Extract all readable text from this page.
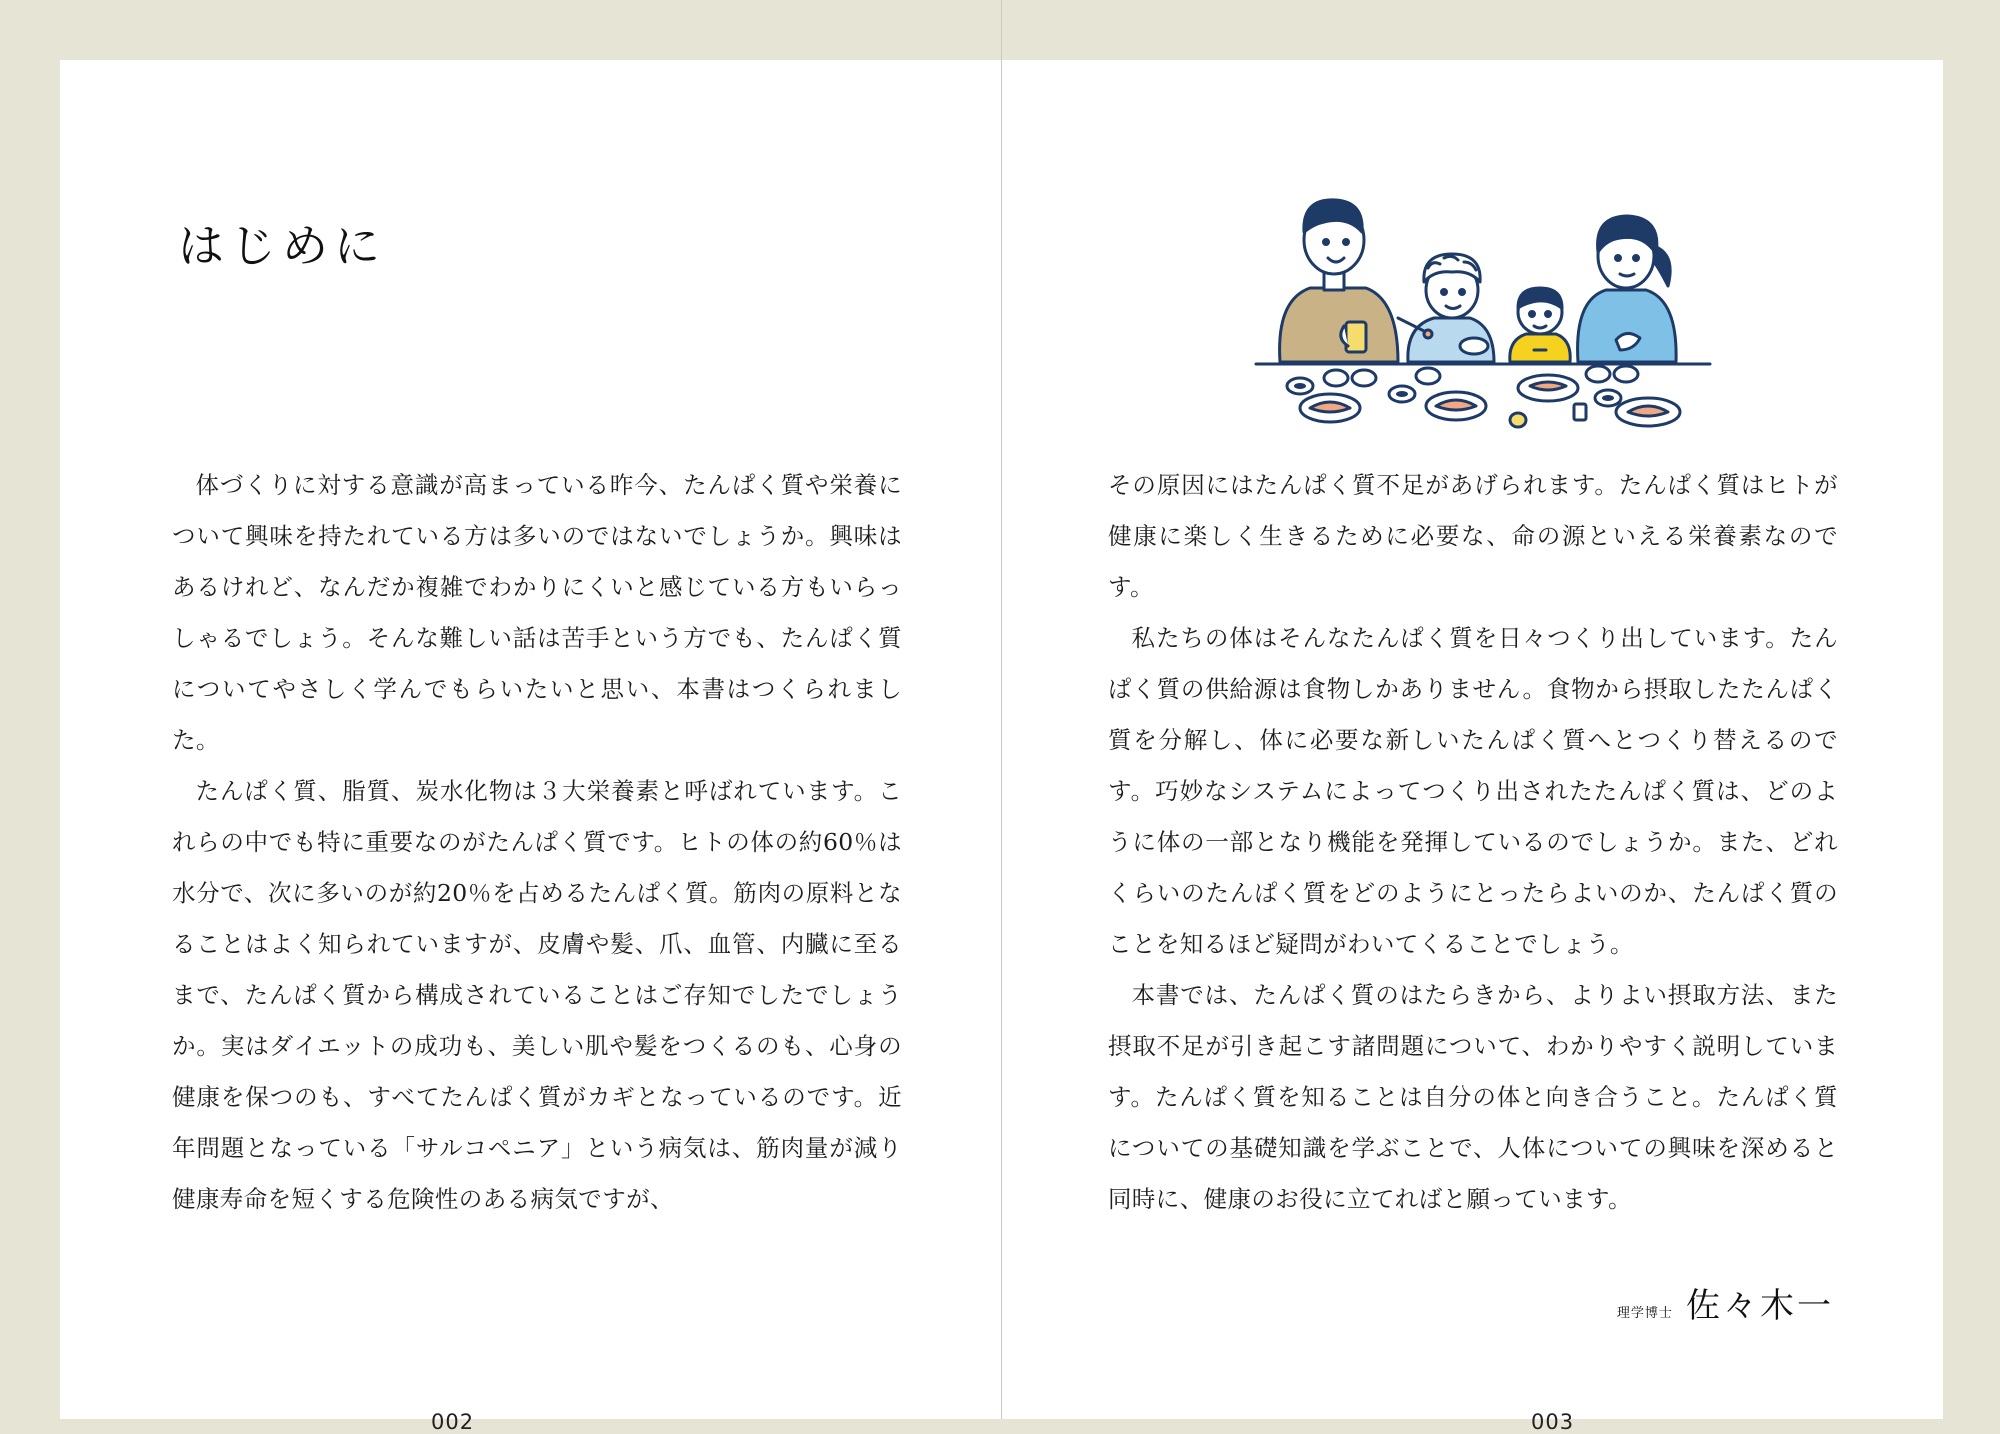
はじめに

体づくりに対する意識が高まっている昨今、たんぱく質や栄養について興味を持たれている方は多いのではないでしょうか。興味はあるけれど、なんだか複雑でわかりにくいと感じている方もいらっしゃるでしょう。そんな難しい話は苦手という方でも、たんぱく質についてやさしく学んでもらいたいと思い、本書はつくられました。

たんぱく質、脂質、炭水化物は３大栄養素と呼ばれています。これらの中でも特に重要なのがたんぱく質です。ヒトの体の約60％は水分で、次に多いのが約20％を占めるたんぱく質。筋肉の原料となることはよく知られていますが、皮膚や髪、爪、血管、内臓に至るまで、たんぱく質から構成されていることはご存知でしたでしょうか。実はダイエットの成功も、美しい肌や髪をつくるのも、心身の健康を保つのも、すべてたんぱく質がカギとなっているのです。近年問題となっている「サルコペニア」という病気は、筋肉量が減り健康寿命を短くする危険性のある病気ですが、

002

その原因にはたんぱく質不足があげられます。たんぱく質はヒトが健康に楽しく生きるために必要な、命の源といえる栄養素なのです。

私たちの体はそんなたんぱく質を日々つくり出しています。たんぱく質の供給源は食物しかありません。食物から摂取したたんぱく質を分解し、体に必要な新しいたんぱく質へとつくり替えるのです。巧妙なシステムによってつくり出されたたんぱく質は、どのように体の一部となり機能を発揮しているのでしょうか。また、どれくらいのたんぱく質をどのようにとったらよいのか、たんぱく質のことを知るほど疑問がわいてくることでしょう。

本書では、たんぱく質のはたらきから、よりよい摂取方法、また摂取不足が引き起こす諸問題について、わかりやすく説明しています。たんぱく質を知ることは自分の体と向き合うこと。たんぱく質についての基礎知識を学ぶことで、人体についての興味を深めると同時に、健康のお役に立てればと願っています。

理学博士 佐々木一
003
